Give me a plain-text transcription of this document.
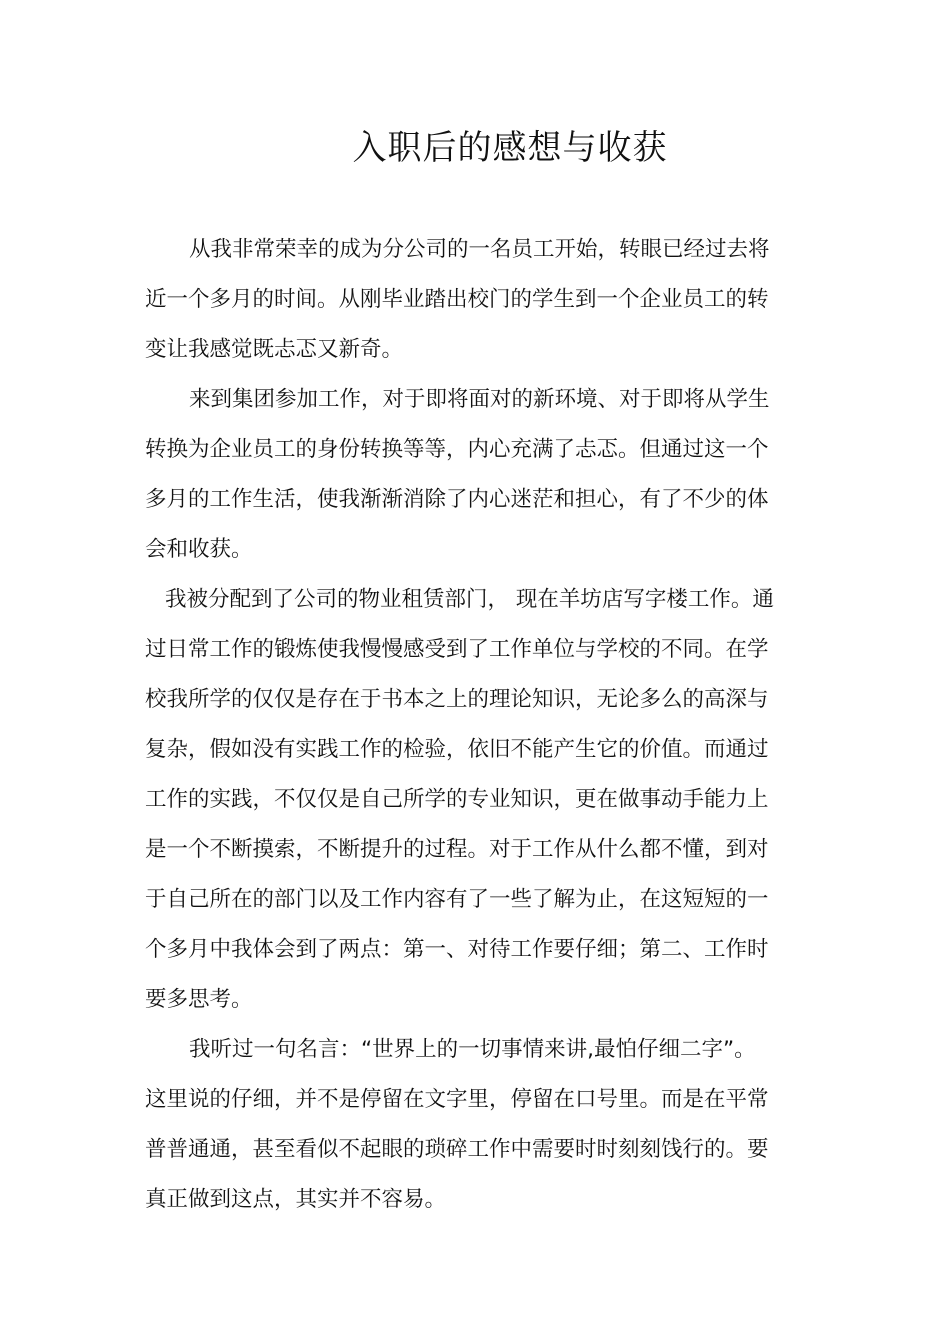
入职后的感想与收获

从我非常荣幸的成为分公司的一名员工开始，转眼已经过去将
近一个多月的时间。从刚毕业踏出校门的学生到一个企业员工的转
变让我感觉既忐忑又新奇。

来到集团参加工作，对于即将面对的新环境、对于即将从学生
转换为企业员工的身份转换等等，内心充满了忐忑。但通过这一个
多月的工作生活，使我渐渐消除了内心迷茫和担心，有了不少的体
会和收获。

我被分配到了公司的物业租赁部门， 现在羊坊店写字楼工作。通
过日常工作的锻炼使我慢慢感受到了工作单位与学校的不同。在学
校我所学的仅仅是存在于书本之上的理论知识，无论多么的高深与
复杂，假如没有实践工作的检验，依旧不能产生它的价值。而通过
工作的实践，不仅仅是自己所学的专业知识，更在做事动手能力上
是一个不断摸索，不断提升的过程。对于工作从什么都不懂，到对
于自己所在的部门以及工作内容有了一些了解为止，在这短短的一
个多月中我体会到了两点：第一、对待工作要仔细；第二、工作时
要多思考。

我听过一句名言：“世界上的一切事情来讲,最怕仔细二字”。
这里说的仔细，并不是停留在文字里，停留在口号里。而是在平常
普普通通，甚至看似不起眼的琐碎工作中需要时时刻刻饯行的。要
真正做到这点，其实并不容易。
